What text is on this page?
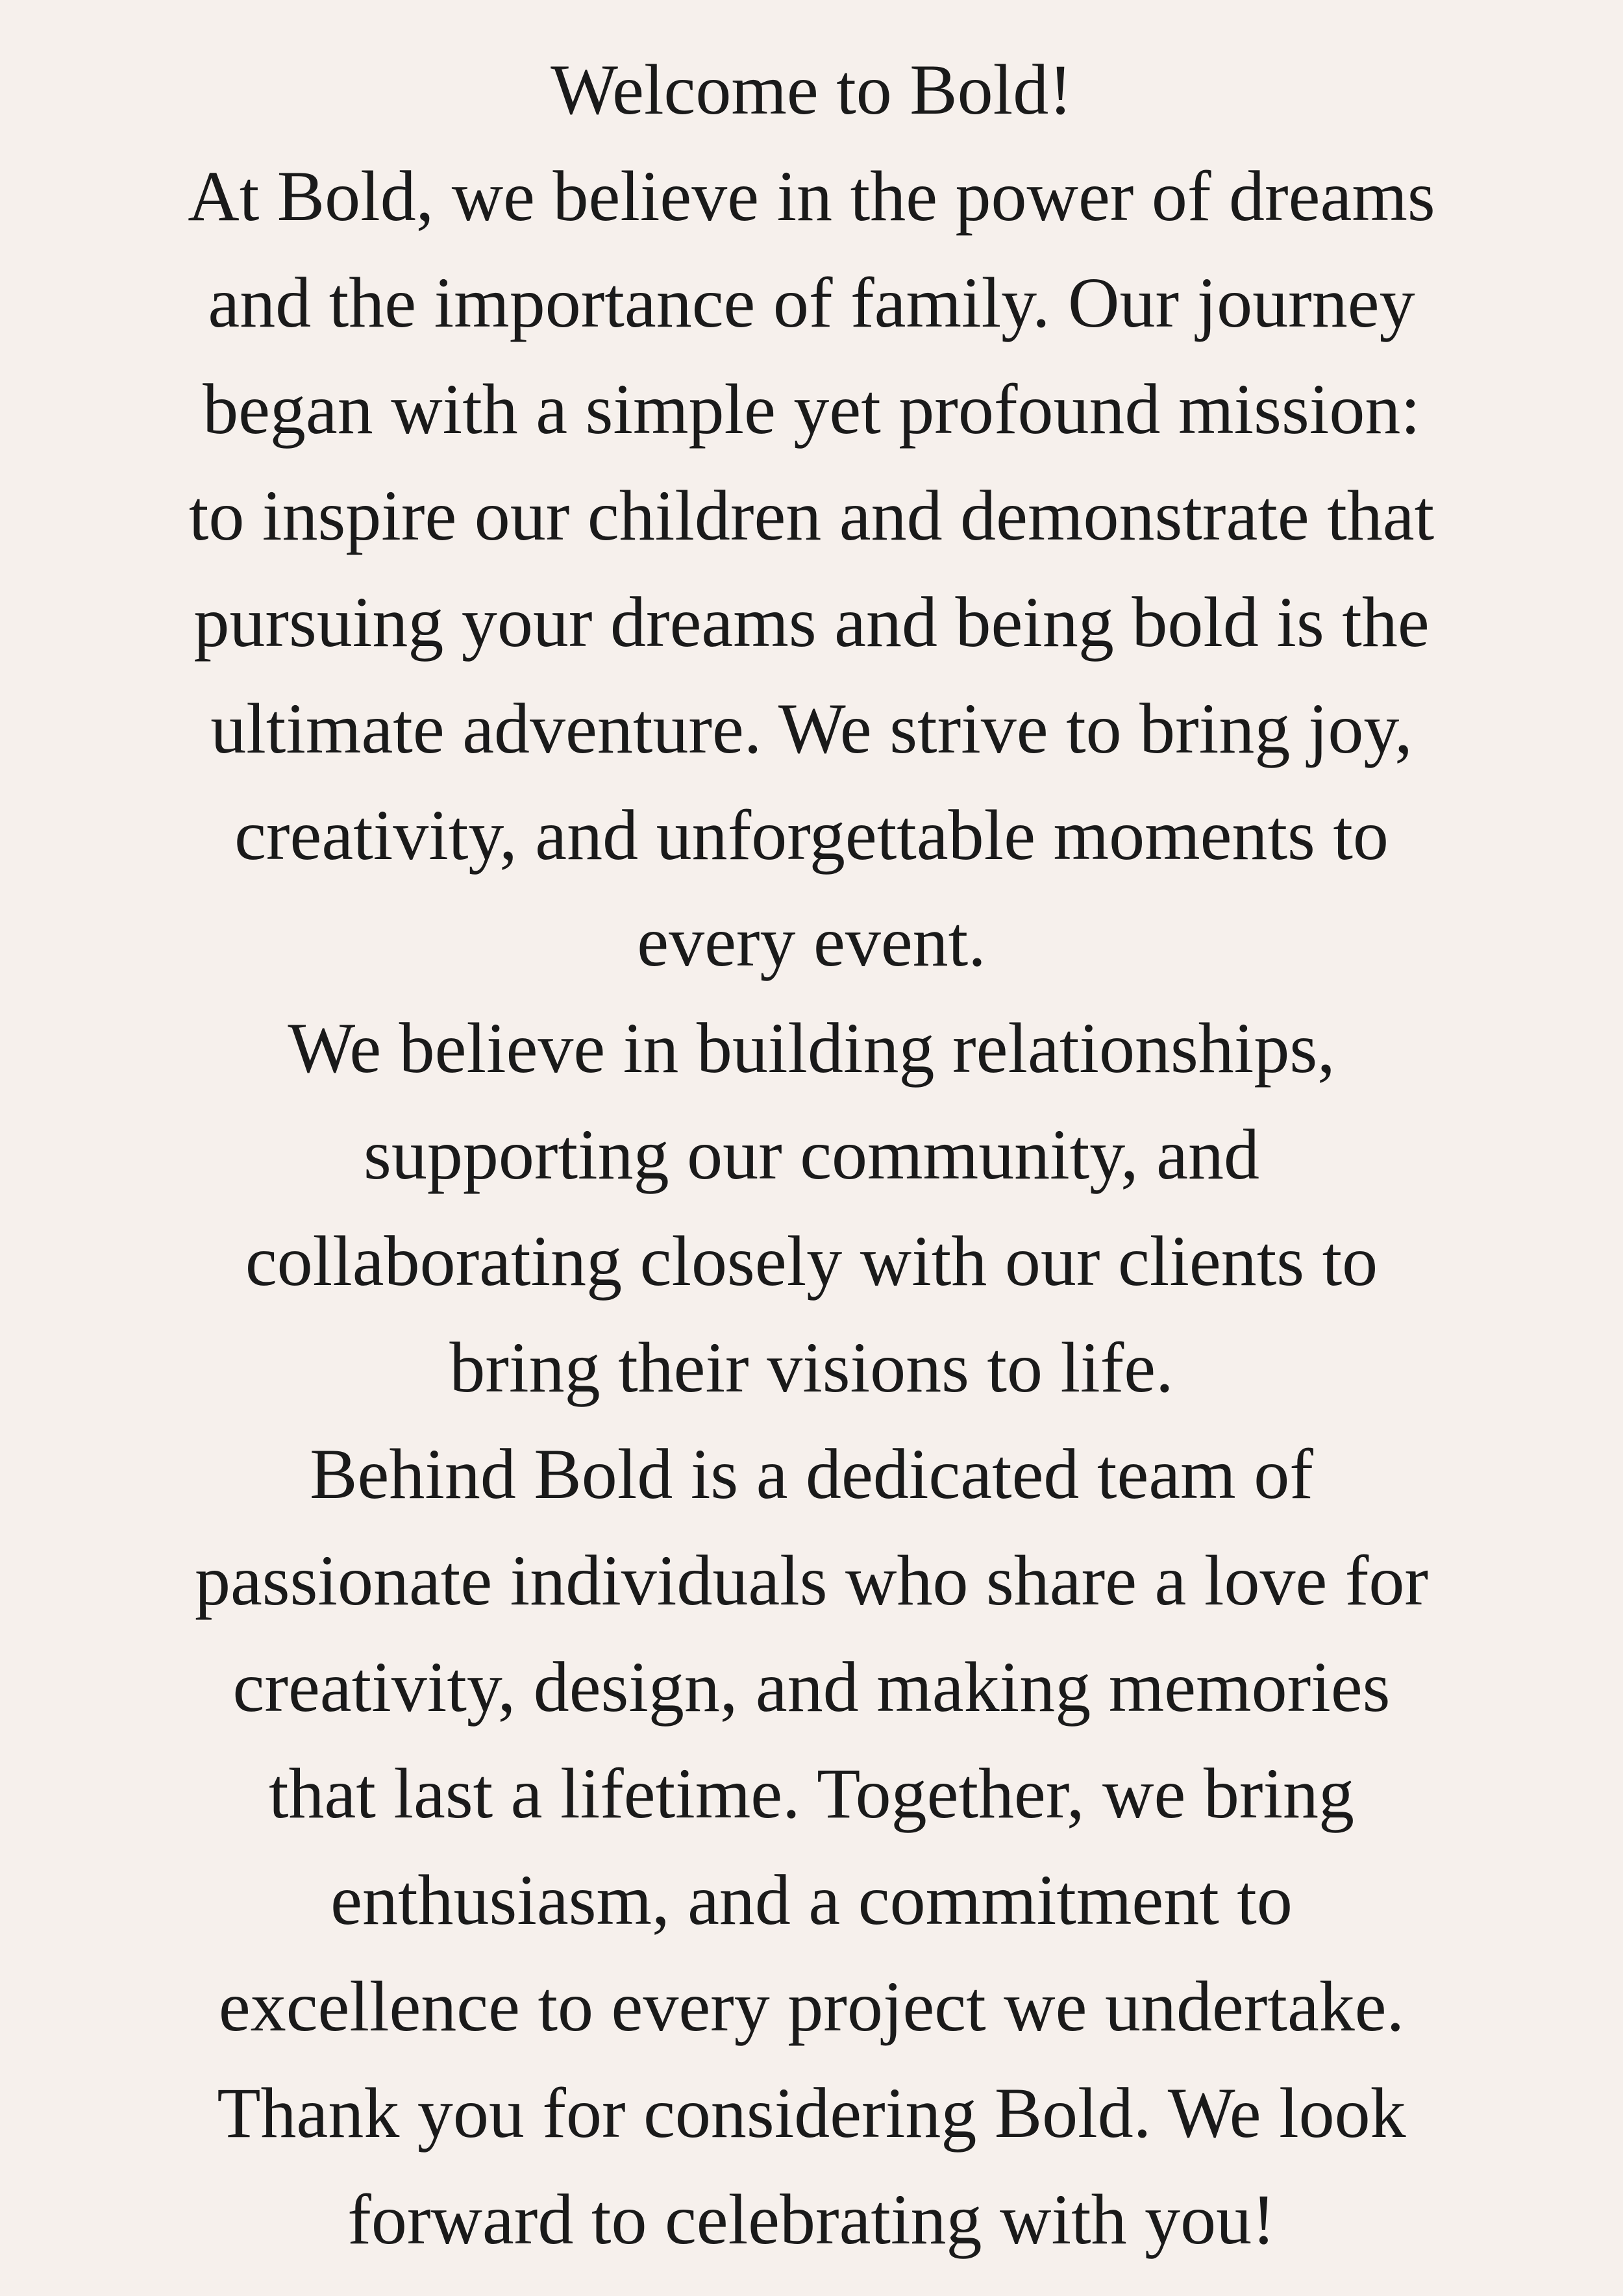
Welcome to Bold!
At Bold, we believe in the power of dreams
and the importance of family. Our journey
began with a simple yet profound mission:
to inspire our children and demonstrate that
pursuing your dreams and being bold is the
ultimate adventure. We strive to bring joy,
creativity, and unforgettable moments to
every event.
We believe in building relationships,
supporting our community, and
collaborating closely with our clients to
bring their visions to life.
Behind Bold is a dedicated team of
passionate individuals who share a love for
creativity, design, and making memories
that last a lifetime. Together, we bring
enthusiasm, and a commitment to
excellence to every project we undertake.
Thank you for considering Bold. We look
forward to celebrating with you!
